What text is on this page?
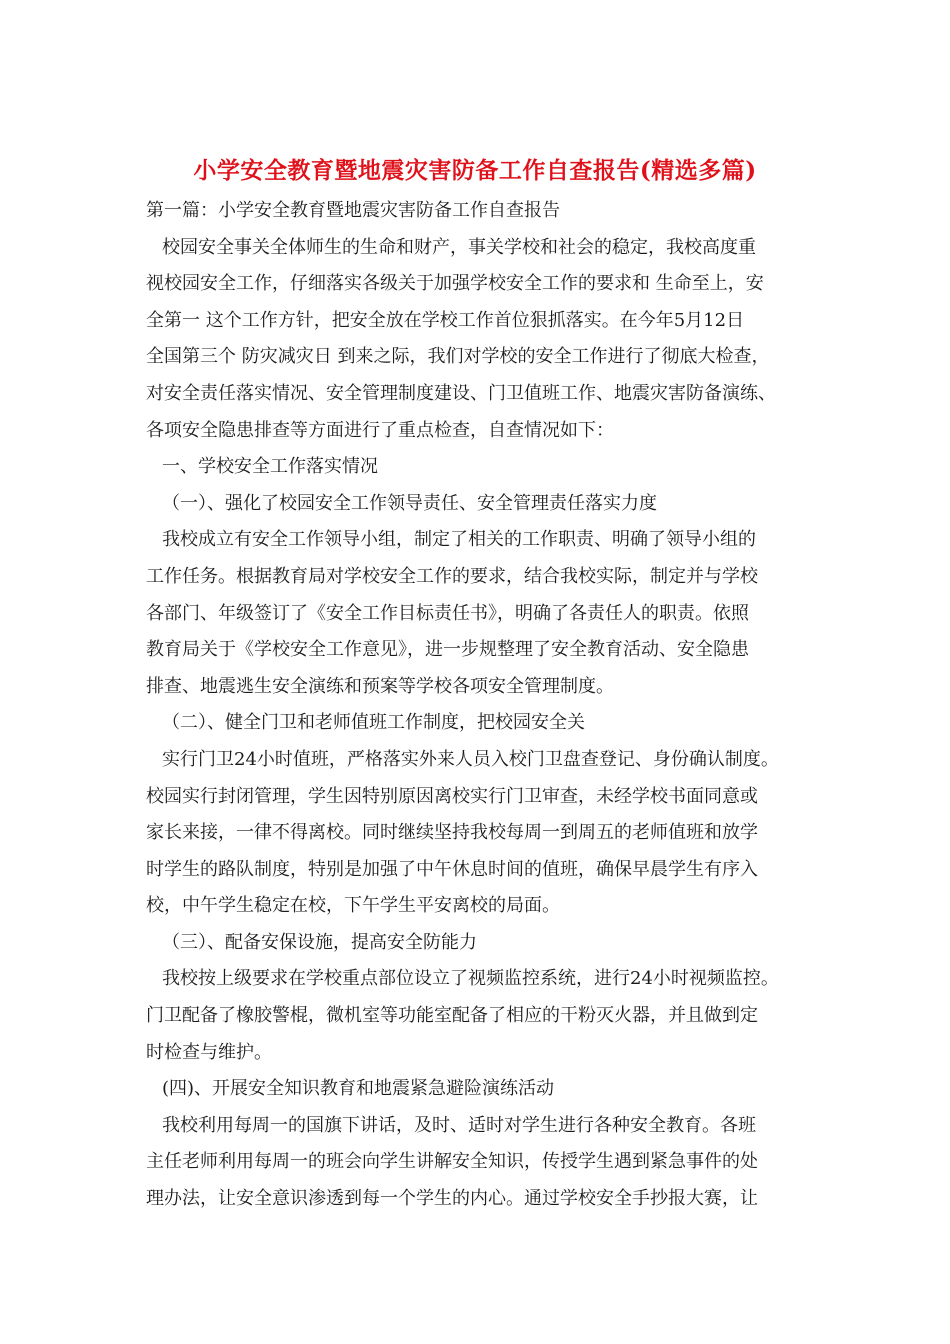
小学安全教育暨地震灾害防备工作自查报告(精选多篇)
第一篇：小学安全教育暨地震灾害防备工作自查报告
校园安全事关全体师生的生命和财产，事关学校和社会的稳定，我校高度重
视校园安全工作，仔细落实各级关于加强学校安全工作的要求和 生命至上，安
全第一 这个工作方针，把安全放在学校工作首位狠抓落实。在今年5月12日
全国第三个 防灾减灾日 到来之际，我们对学校的安全工作进行了彻底大检查，
对安全责任落实情况、安全管理制度建设、门卫值班工作、地震灾害防备演练、
各项安全隐患排查等方面进行了重点检查，自查情况如下：
一、学校安全工作落实情况
（一）、强化了校园安全工作领导责任、安全管理责任落实力度
我校成立有安全工作领导小组，制定了相关的工作职责、明确了领导小组的
工作任务。根据教育局对学校安全工作的要求，结合我校实际，制定并与学校
各部门、年级签订了《安全工作目标责任书》，明确了各责任人的职责。依照
教育局关于《学校安全工作意见》，进一步规整理了安全教育活动、安全隐患
排查、地震逃生安全演练和预案等学校各项安全管理制度。
（二）、健全门卫和老师值班工作制度，把校园安全关
实行门卫24小时值班，严格落实外来人员入校门卫盘查登记、身份确认制度。
校园实行封闭管理，学生因特别原因离校实行门卫审查，未经学校书面同意或
家长来接，一律不得离校。同时继续坚持我校每周一到周五的老师值班和放学
时学生的路队制度，特别是加强了中午休息时间的值班，确保早晨学生有序入
校，中午学生稳定在校，下午学生平安离校的局面。
（三）、配备安保设施，提高安全防能力
我校按上级要求在学校重点部位设立了视频监控系统，进行24小时视频监控。
门卫配备了橡胶警棍，微机室等功能室配备了相应的干粉灭火器，并且做到定
时检查与维护。
(四)、开展安全知识教育和地震紧急避险演练活动
我校利用每周一的国旗下讲话，及时、适时对学生进行各种安全教育。各班
主任老师利用每周一的班会向学生讲解安全知识，传授学生遇到紧急事件的处
理办法，让安全意识渗透到每一个学生的内心。通过学校安全手抄报大赛，让
